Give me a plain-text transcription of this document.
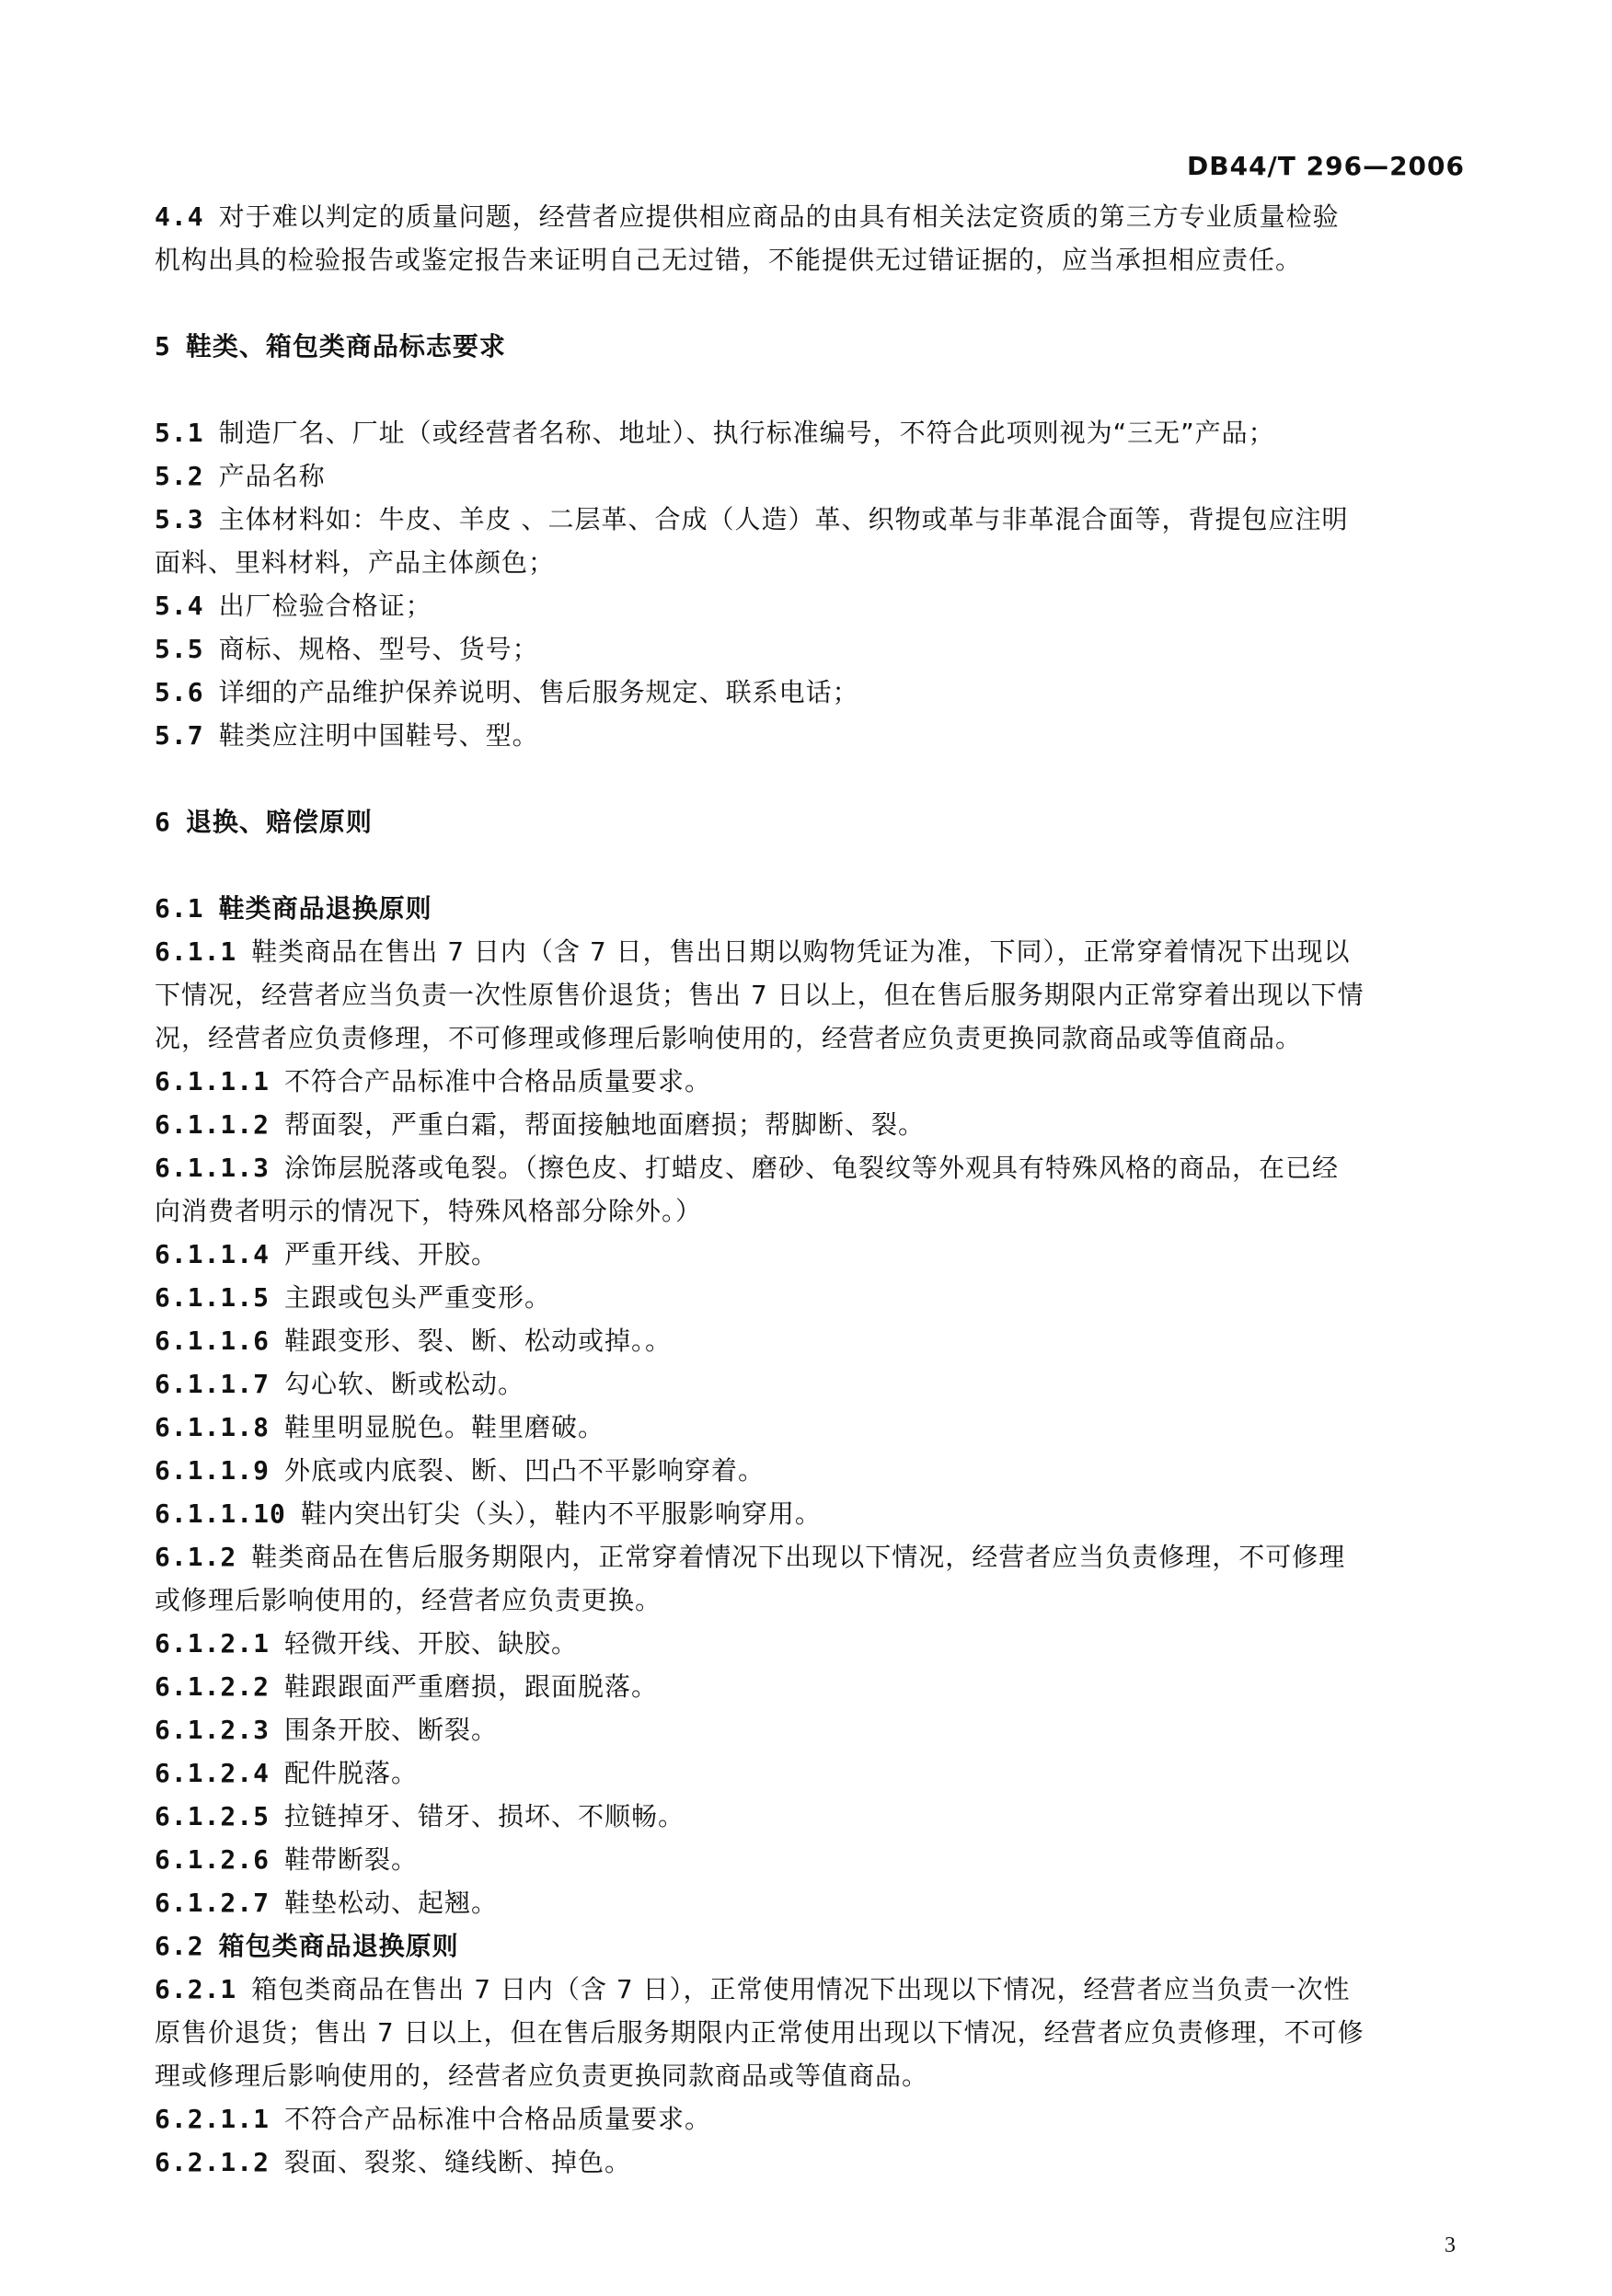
DB44/T 296—2006
4.4 对于难以判定的质量问题，经营者应提供相应商品的由具有相关法定资质的第三方专业质量检验
机构出具的检验报告或鉴定报告来证明自己无过错，不能提供无过错证据的，应当承担相应责任。
5 鞋类、箱包类商品标志要求
5.1 制造厂名、厂址（或经营者名称、地址）、执行标准编号，不符合此项则视为“三无”产品；
5.2 产品名称
5.3 主体材料如：牛皮、羊皮 、二层革、合成（人造）革、织物或革与非革混合面等，背提包应注明
面料、里料材料，产品主体颜色；
5.4 出厂检验合格证；
5.5 商标、规格、型号、货号；
5.6 详细的产品维护保养说明、售后服务规定、联系电话；
5.7 鞋类应注明中国鞋号、型。
6 退换、赔偿原则
6.1 鞋类商品退换原则
6.1.1 鞋类商品在售出 7 日内（含 7 日，售出日期以购物凭证为准，下同），正常穿着情况下出现以
下情况，经营者应当负责一次性原售价退货；售出 7 日以上，但在售后服务期限内正常穿着出现以下情
况，经营者应负责修理，不可修理或修理后影响使用的，经营者应负责更换同款商品或等值商品。
6.1.1.1 不符合产品标准中合格品质量要求。
6.1.1.2 帮面裂，严重白霜，帮面接触地面磨损；帮脚断、裂。
6.1.1.3 涂饰层脱落或龟裂。（擦色皮、打蜡皮、磨砂、龟裂纹等外观具有特殊风格的商品，在已经
向消费者明示的情况下，特殊风格部分除外。）
6.1.1.4 严重开线、开胶。
6.1.1.5 主跟或包头严重变形。
6.1.1.6 鞋跟变形、裂、断、松动或掉。。
6.1.1.7 勾心软、断或松动。
6.1.1.8 鞋里明显脱色。鞋里磨破。
6.1.1.9 外底或内底裂、断、凹凸不平影响穿着。
6.1.1.10 鞋内突出钉尖（头），鞋内不平服影响穿用。
6.1.2 鞋类商品在售后服务期限内，正常穿着情况下出现以下情况，经营者应当负责修理，不可修理
或修理后影响使用的，经营者应负责更换。
6.1.2.1 轻微开线、开胶、缺胶。
6.1.2.2 鞋跟跟面严重磨损，跟面脱落。
6.1.2.3 围条开胶、断裂。
6.1.2.4 配件脱落。
6.1.2.5 拉链掉牙、错牙、损坏、不顺畅。
6.1.2.6 鞋带断裂。
6.1.2.7 鞋垫松动、起翘。
6.2 箱包类商品退换原则
6.2.1 箱包类商品在售出 7 日内（含 7 日），正常使用情况下出现以下情况，经营者应当负责一次性
原售价退货；售出 7 日以上，但在售后服务期限内正常使用出现以下情况，经营者应负责修理，不可修
理或修理后影响使用的，经营者应负责更换同款商品或等值商品。
6.2.1.1 不符合产品标准中合格品质量要求。
6.2.1.2 裂面、裂浆、缝线断、掉色。
3
